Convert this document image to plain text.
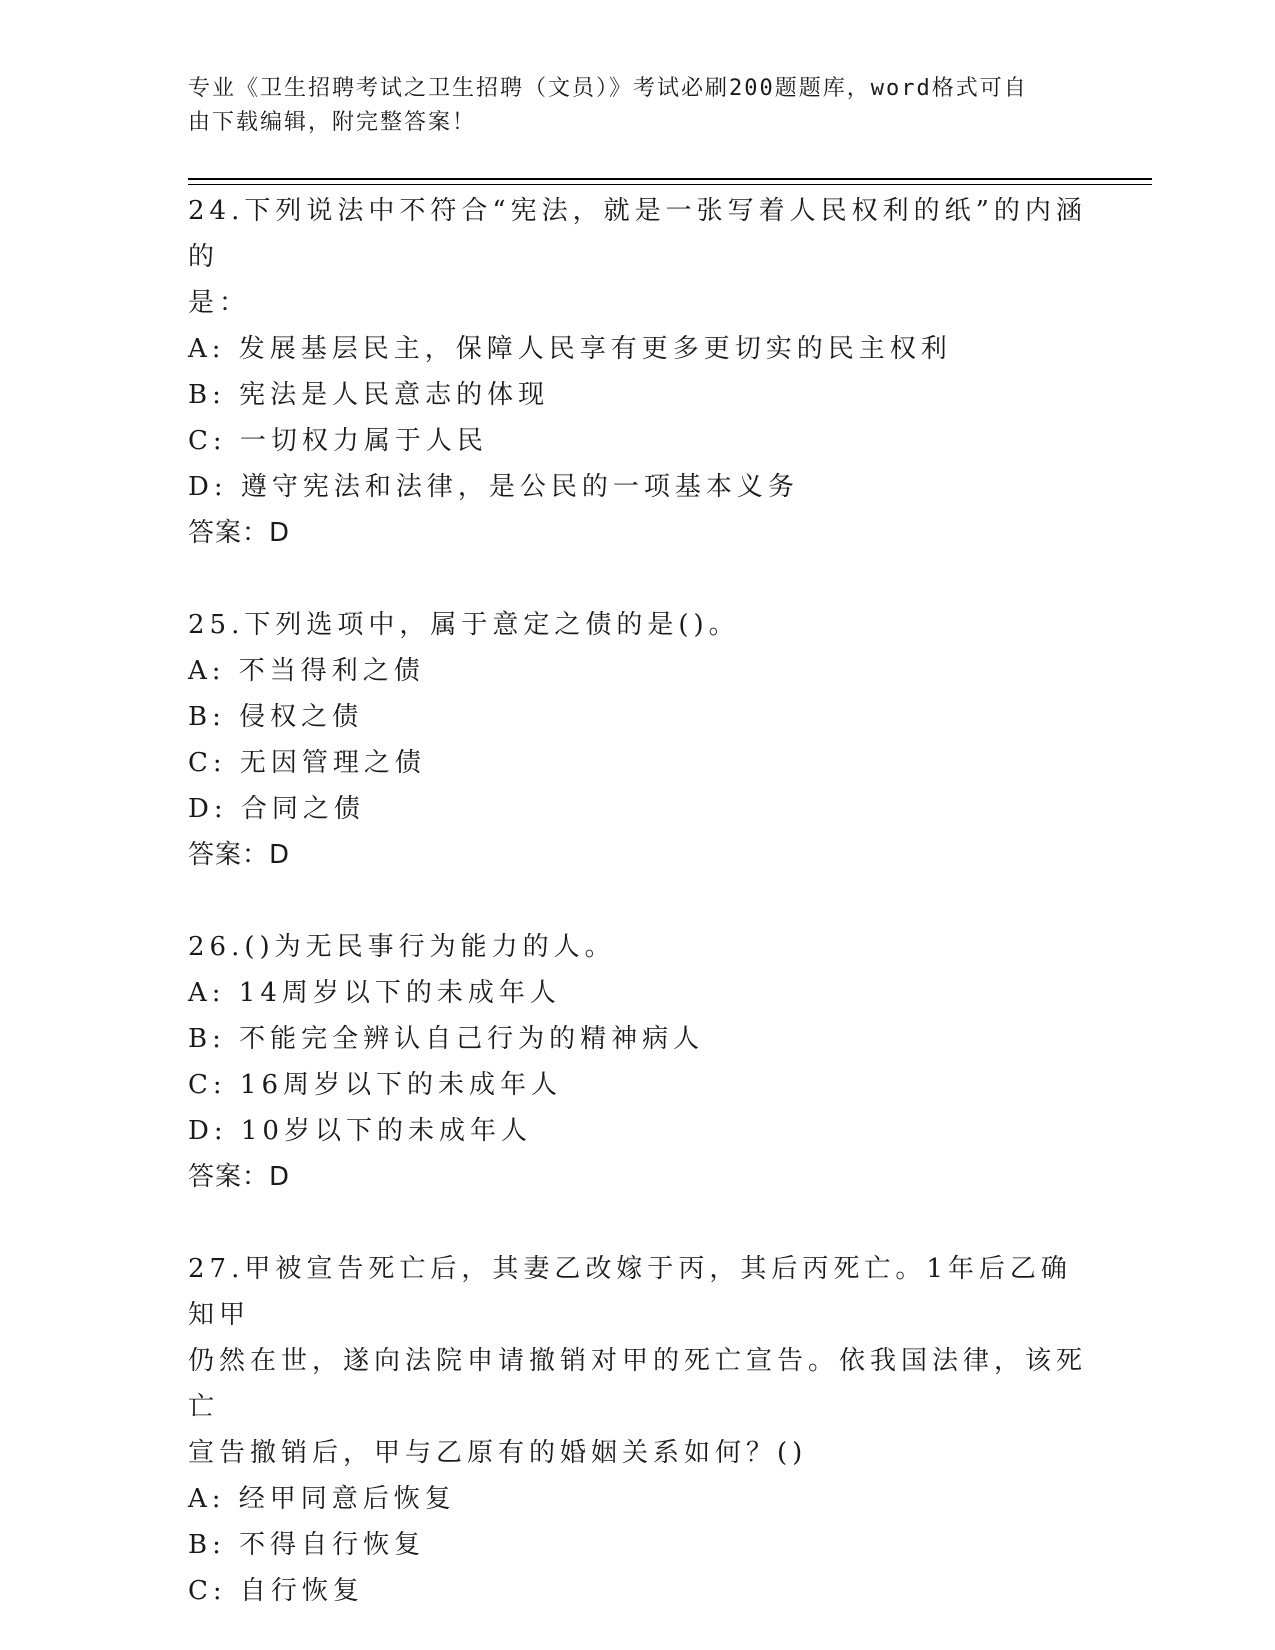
专业《卫生招聘考试之卫生招聘（文员）》考试必刷200题题库，word格式可自
由下载编辑，附完整答案！
24.下列说法中不符合“宪法，就是一张写着人民权利的纸”的内涵的
是：
A: 发展基层民主，保障人民享有更多更切实的民主权利
B: 宪法是人民意志的体现
C: 一切权力属于人民
D: 遵守宪法和法律，是公民的一项基本义务
答案：D
25.下列选项中，属于意定之债的是()。
A: 不当得利之债
B: 侵权之债
C: 无因管理之债
D: 合同之债
答案：D
26.()为无民事行为能力的人。
A: 14周岁以下的未成年人
B: 不能完全辨认自己行为的精神病人
C: 16周岁以下的未成年人
D: 10岁以下的未成年人
答案：D
27.甲被宣告死亡后，其妻乙改嫁于丙，其后丙死亡。1年后乙确知甲
仍然在世，遂向法院申请撤销对甲的死亡宣告。依我国法律，该死亡
宣告撤销后，甲与乙原有的婚姻关系如何？()
A: 经甲同意后恢复
B: 不得自行恢复
C: 自行恢复
